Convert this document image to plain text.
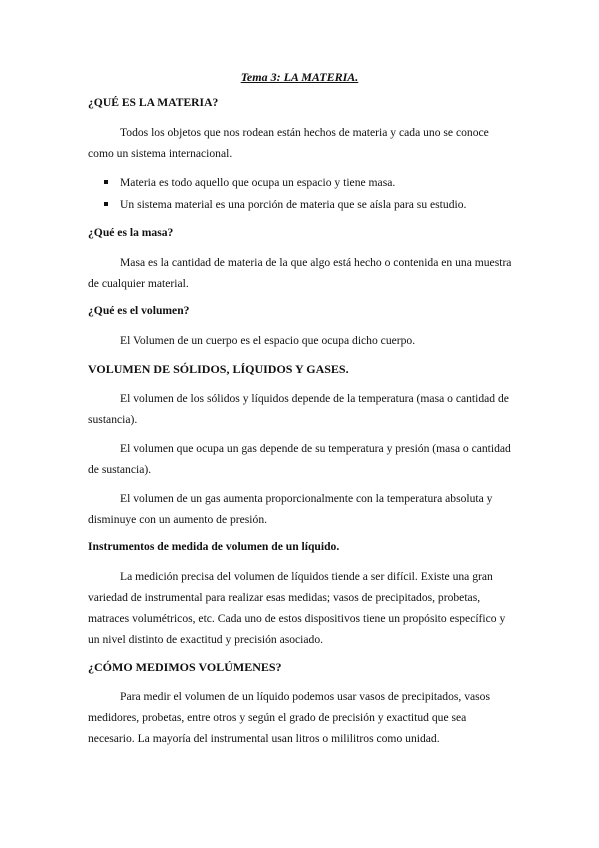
Tema 3: LA MATERIA.
¿QUÉ ES LA MATERIA?

Todos los objetos que nos rodean están hechos de materia y cada uno se conoce como un sistema internacional.

Materia es todo aquello que ocupa un espacio y tiene masa.
Un sistema material es una porción de materia que se aísla para su estudio.
¿Qué es la masa?

Masa es la cantidad de materia de la que algo está hecho o contenida en una muestra de cualquier material.

¿Qué es el volumen?

El Volumen de un cuerpo es el espacio que ocupa dicho cuerpo.

VOLUMEN DE SÓLIDOS, LÍQUIDOS Y GASES.

El volumen de los sólidos y líquidos depende de la temperatura (masa o cantidad de sustancia).

El volumen que ocupa un gas depende de su temperatura y presión (masa o cantidad de sustancia).

El volumen de un gas aumenta proporcionalmente con la temperatura absoluta y disminuye con un aumento de presión.

Instrumentos de medida de volumen de un líquido.

La medición precisa del volumen de líquidos tiende a ser difícil. Existe una gran variedad de instrumental para realizar esas medidas; vasos de precipitados, probetas, matraces volumétricos, etc. Cada uno de estos dispositivos tiene un propósito específico y un nivel distinto de exactitud y precisión asociado.

¿CÓMO MEDIMOS VOLÚMENES?

Para medir el volumen de un líquido podemos usar vasos de precipitados, vasos medidores, probetas, entre otros y según el grado de precisión y exactitud que sea necesario. La mayoría del instrumental usan litros o mililitros como unidad.
